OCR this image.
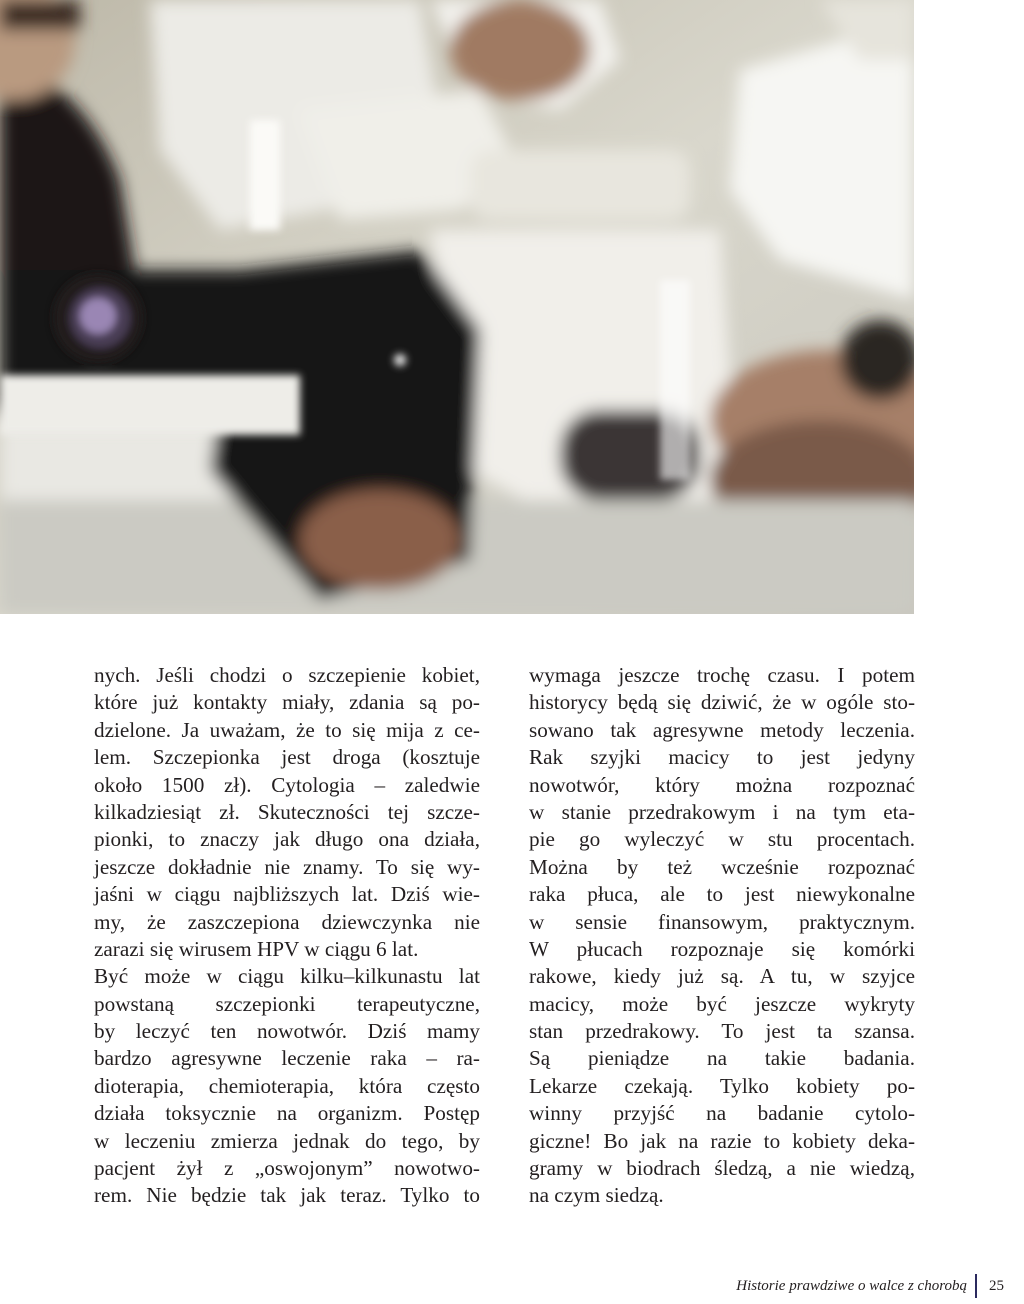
nych. Jeśli chodzi o szczepienie kobiet,
które już kontakty miały, zdania są po-
dzielone. Ja uważam, że to się mija z ce-
lem. Szczepionka jest droga (kosztuje
około 1500 zł). Cytologia – zaledwie
kilkadziesiąt zł. Skuteczności tej szcze-
pionki, to znaczy jak długo ona działa,
jeszcze dokładnie nie znamy. To się wy-
jaśni w ciągu najbliższych lat. Dziś wie-
my, że zaszczepiona dziewczynka nie
zarazi się wirusem HPV w ciągu 6 lat.
Być może w ciągu kilku–kilkunastu lat
powstaną szczepionki terapeutyczne,
by leczyć ten nowotwór. Dziś mamy
bardzo agresywne leczenie raka – ra-
dioterapia, chemioterapia, która często
działa toksycznie na organizm. Postęp
w leczeniu zmierza jednak do tego, by
pacjent żył z „oswojonym” nowotwo-
rem. Nie będzie tak jak teraz. Tylko to
wymaga jeszcze trochę czasu. I potem
historycy będą się dziwić, że w ogóle sto-
sowano tak agresywne metody leczenia.
Rak szyjki macicy to jest jedyny
nowotwór, który można rozpoznać
w stanie przedrakowym i na tym eta-
pie go wyleczyć w stu procentach.
Można by też wcześnie rozpoznać
raka płuca, ale to jest niewykonalne
w sensie finansowym, praktycznym.
W płucach rozpoznaje się komórki
rakowe, kiedy już są. A tu, w szyjce
macicy, może być jeszcze wykryty
stan przedrakowy. To jest ta szansa.
Są pieniądze na takie badania.
Lekarze czekają. Tylko kobiety po-
winny przyjść na badanie cytolo-
giczne! Bo jak na razie to kobiety deka-
gramy w biodrach śledzą, a nie wiedzą,
na czym siedzą.
Historie prawdziwe o walce z chorobą 25
